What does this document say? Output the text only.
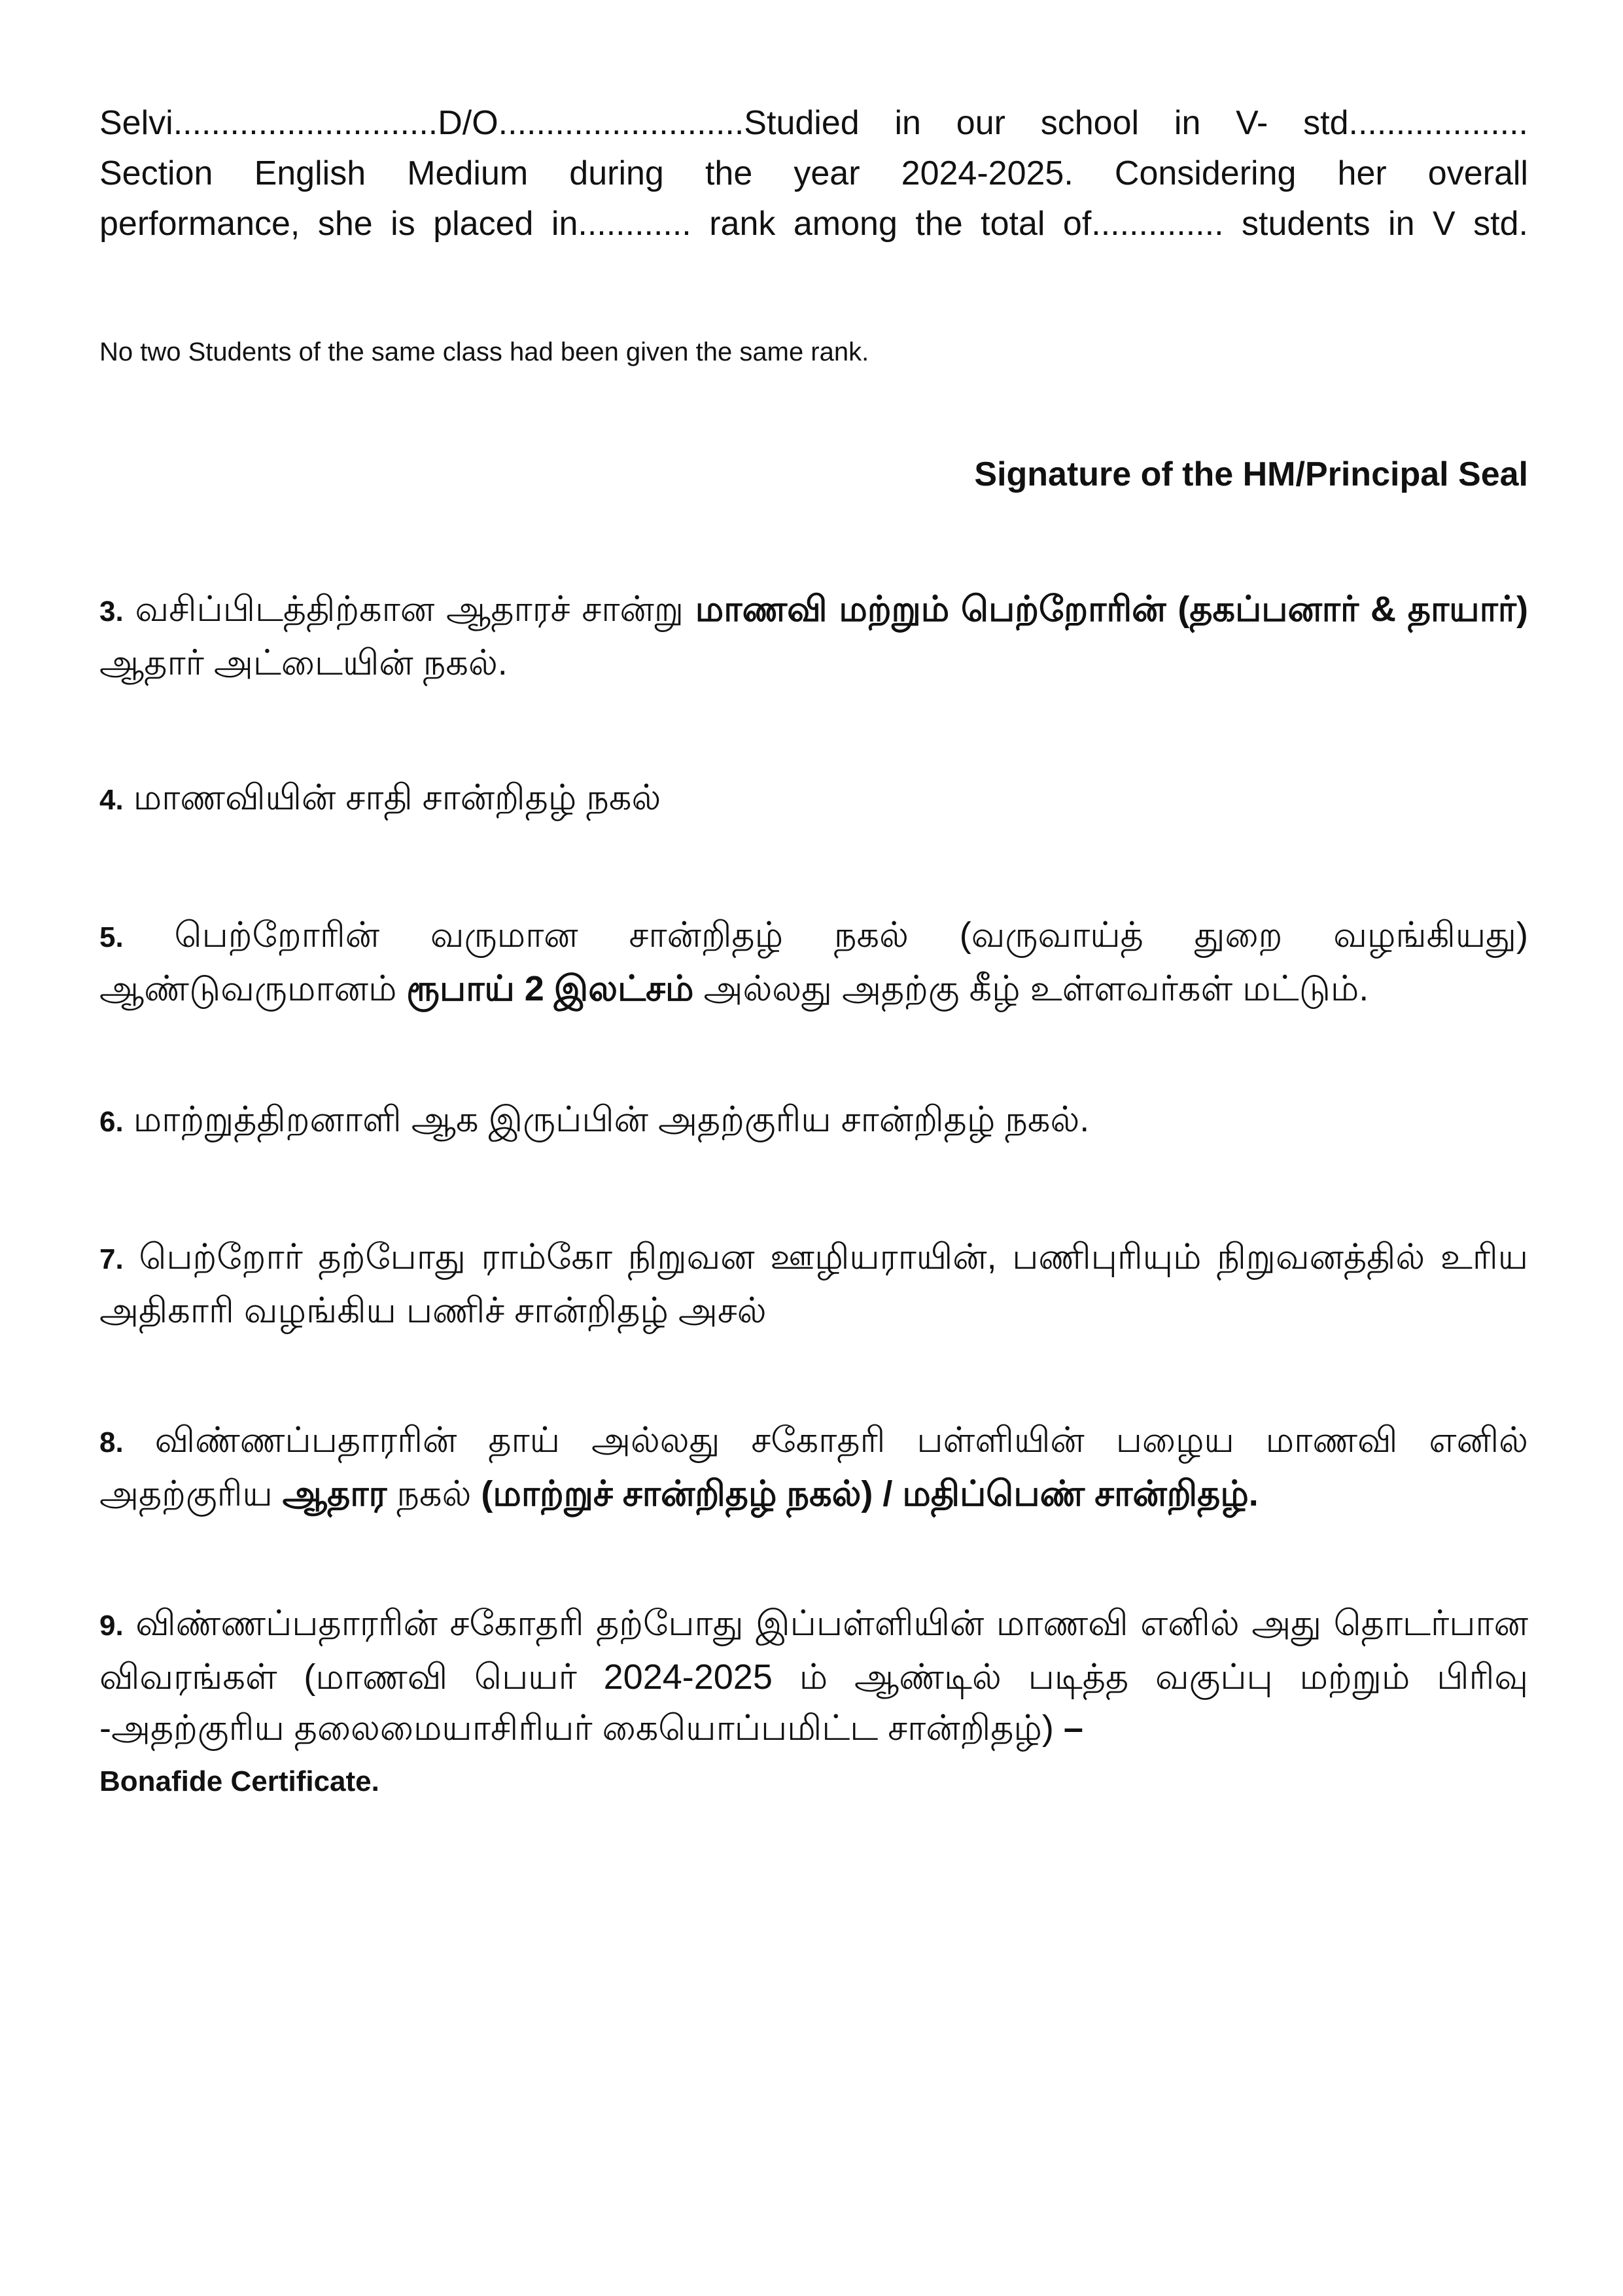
Selvi............................D/O..........................Studied in our school in V- std...................

Section English Medium during the year 2024-2025. Considering her overall

performance, she is placed in............ rank among the total of.............. students in V std.

No two Students of the same class had been given the same rank.

Signature of the HM/Principal Seal

3. வசிப்பிடத்திற்கான ஆதாரச் சான்று மாணவி மற்றும் பெற்றோரின் (தகப்பனார் & தாயார்) ஆதார் அட்டையின் நகல்.

4. மாணவியின் சாதி சான்றிதழ் நகல்

5. பெற்றோரின் வருமான சான்றிதழ் நகல் (வருவாய்த் துறை வழங்கியது) ஆண்டுவருமானம் ரூபாய் 2 இலட்சம் அல்லது அதற்கு கீழ் உள்ளவர்கள் மட்டும்.

6. மாற்றுத்திறனாளி ஆக இருப்பின் அதற்குரிய சான்றிதழ் நகல்.

7. பெற்றோர் தற்போது ராம்கோ நிறுவன ஊழியராயின், பணிபுரியும் நிறுவனத்தில் உரிய அதிகாரி வழங்கிய பணிச் சான்றிதழ் அசல்

8. விண்ணப்பதாரரின் தாய் அல்லது சகோதரி பள்ளியின் பழைய மாணவி எனில் அதற்குரிய ஆதார நகல் (மாற்றுச் சான்றிதழ் நகல்) / மதிப்பெண் சான்றிதழ்.

9. விண்ணப்பதாரரின் சகோதரி தற்போது இப்பள்ளியின் மாணவி எனில் அது தொடர்பான விவரங்கள் (மாணவி பெயர் 2024-2025 ம் ஆண்டில் படித்த வகுப்பு மற்றும் பிரிவு -அதற்குரிய தலைமையாசிரியர் கையொப்பமிட்ட சான்றிதழ்) –
Bonafide Certificate.
